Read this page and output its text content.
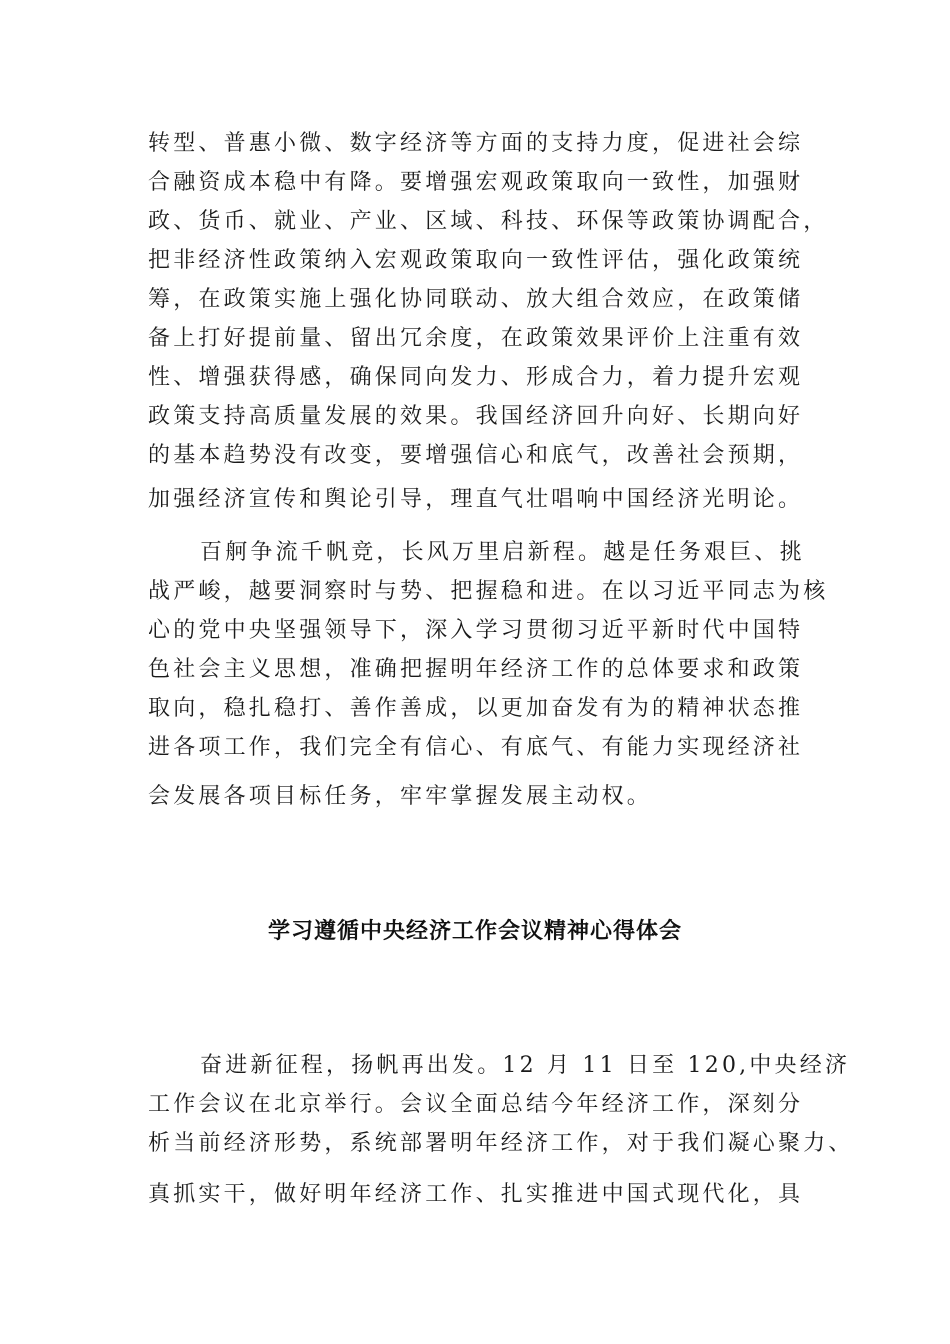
转型、普惠小微、数字经济等方面的支持力度，促进社会综
合融资成本稳中有降。要增强宏观政策取向一致性，加强财
政、货币、就业、产业、区域、科技、环保等政策协调配合，
把非经济性政策纳入宏观政策取向一致性评估，强化政策统
筹，在政策实施上强化协同联动、放大组合效应，在政策储
备上打好提前量、留出冗余度，在政策效果评价上注重有效
性、增强获得感，确保同向发力、形成合力，着力提升宏观
政策支持高质量发展的效果。我国经济回升向好、长期向好
的基本趋势没有改变，要增强信心和底气，改善社会预期，
加强经济宣传和舆论引导，理直气壮唱响中国经济光明论。
百舸争流千帆竞，长风万里启新程。越是任务艰巨、挑
战严峻，越要洞察时与势、把握稳和进。在以习近平同志为核
心的党中央坚强领导下，深入学习贯彻习近平新时代中国特
色社会主义思想，准确把握明年经济工作的总体要求和政策
取向，稳扎稳打、善作善成，以更加奋发有为的精神状态推
进各项工作，我们完全有信心、有底气、有能力实现经济社
会发展各项目标任务，牢牢掌握发展主动权。
学习遵循中央经济工作会议精神心得体会
奋进新征程，扬帆再出发。12 月 11 日至 120,中央经济
工作会议在北京举行。会议全面总结今年经济工作，深刻分
析当前经济形势，系统部署明年经济工作，对于我们凝心聚力、
真抓实干，做好明年经济工作、扎实推进中国式现代化，具
